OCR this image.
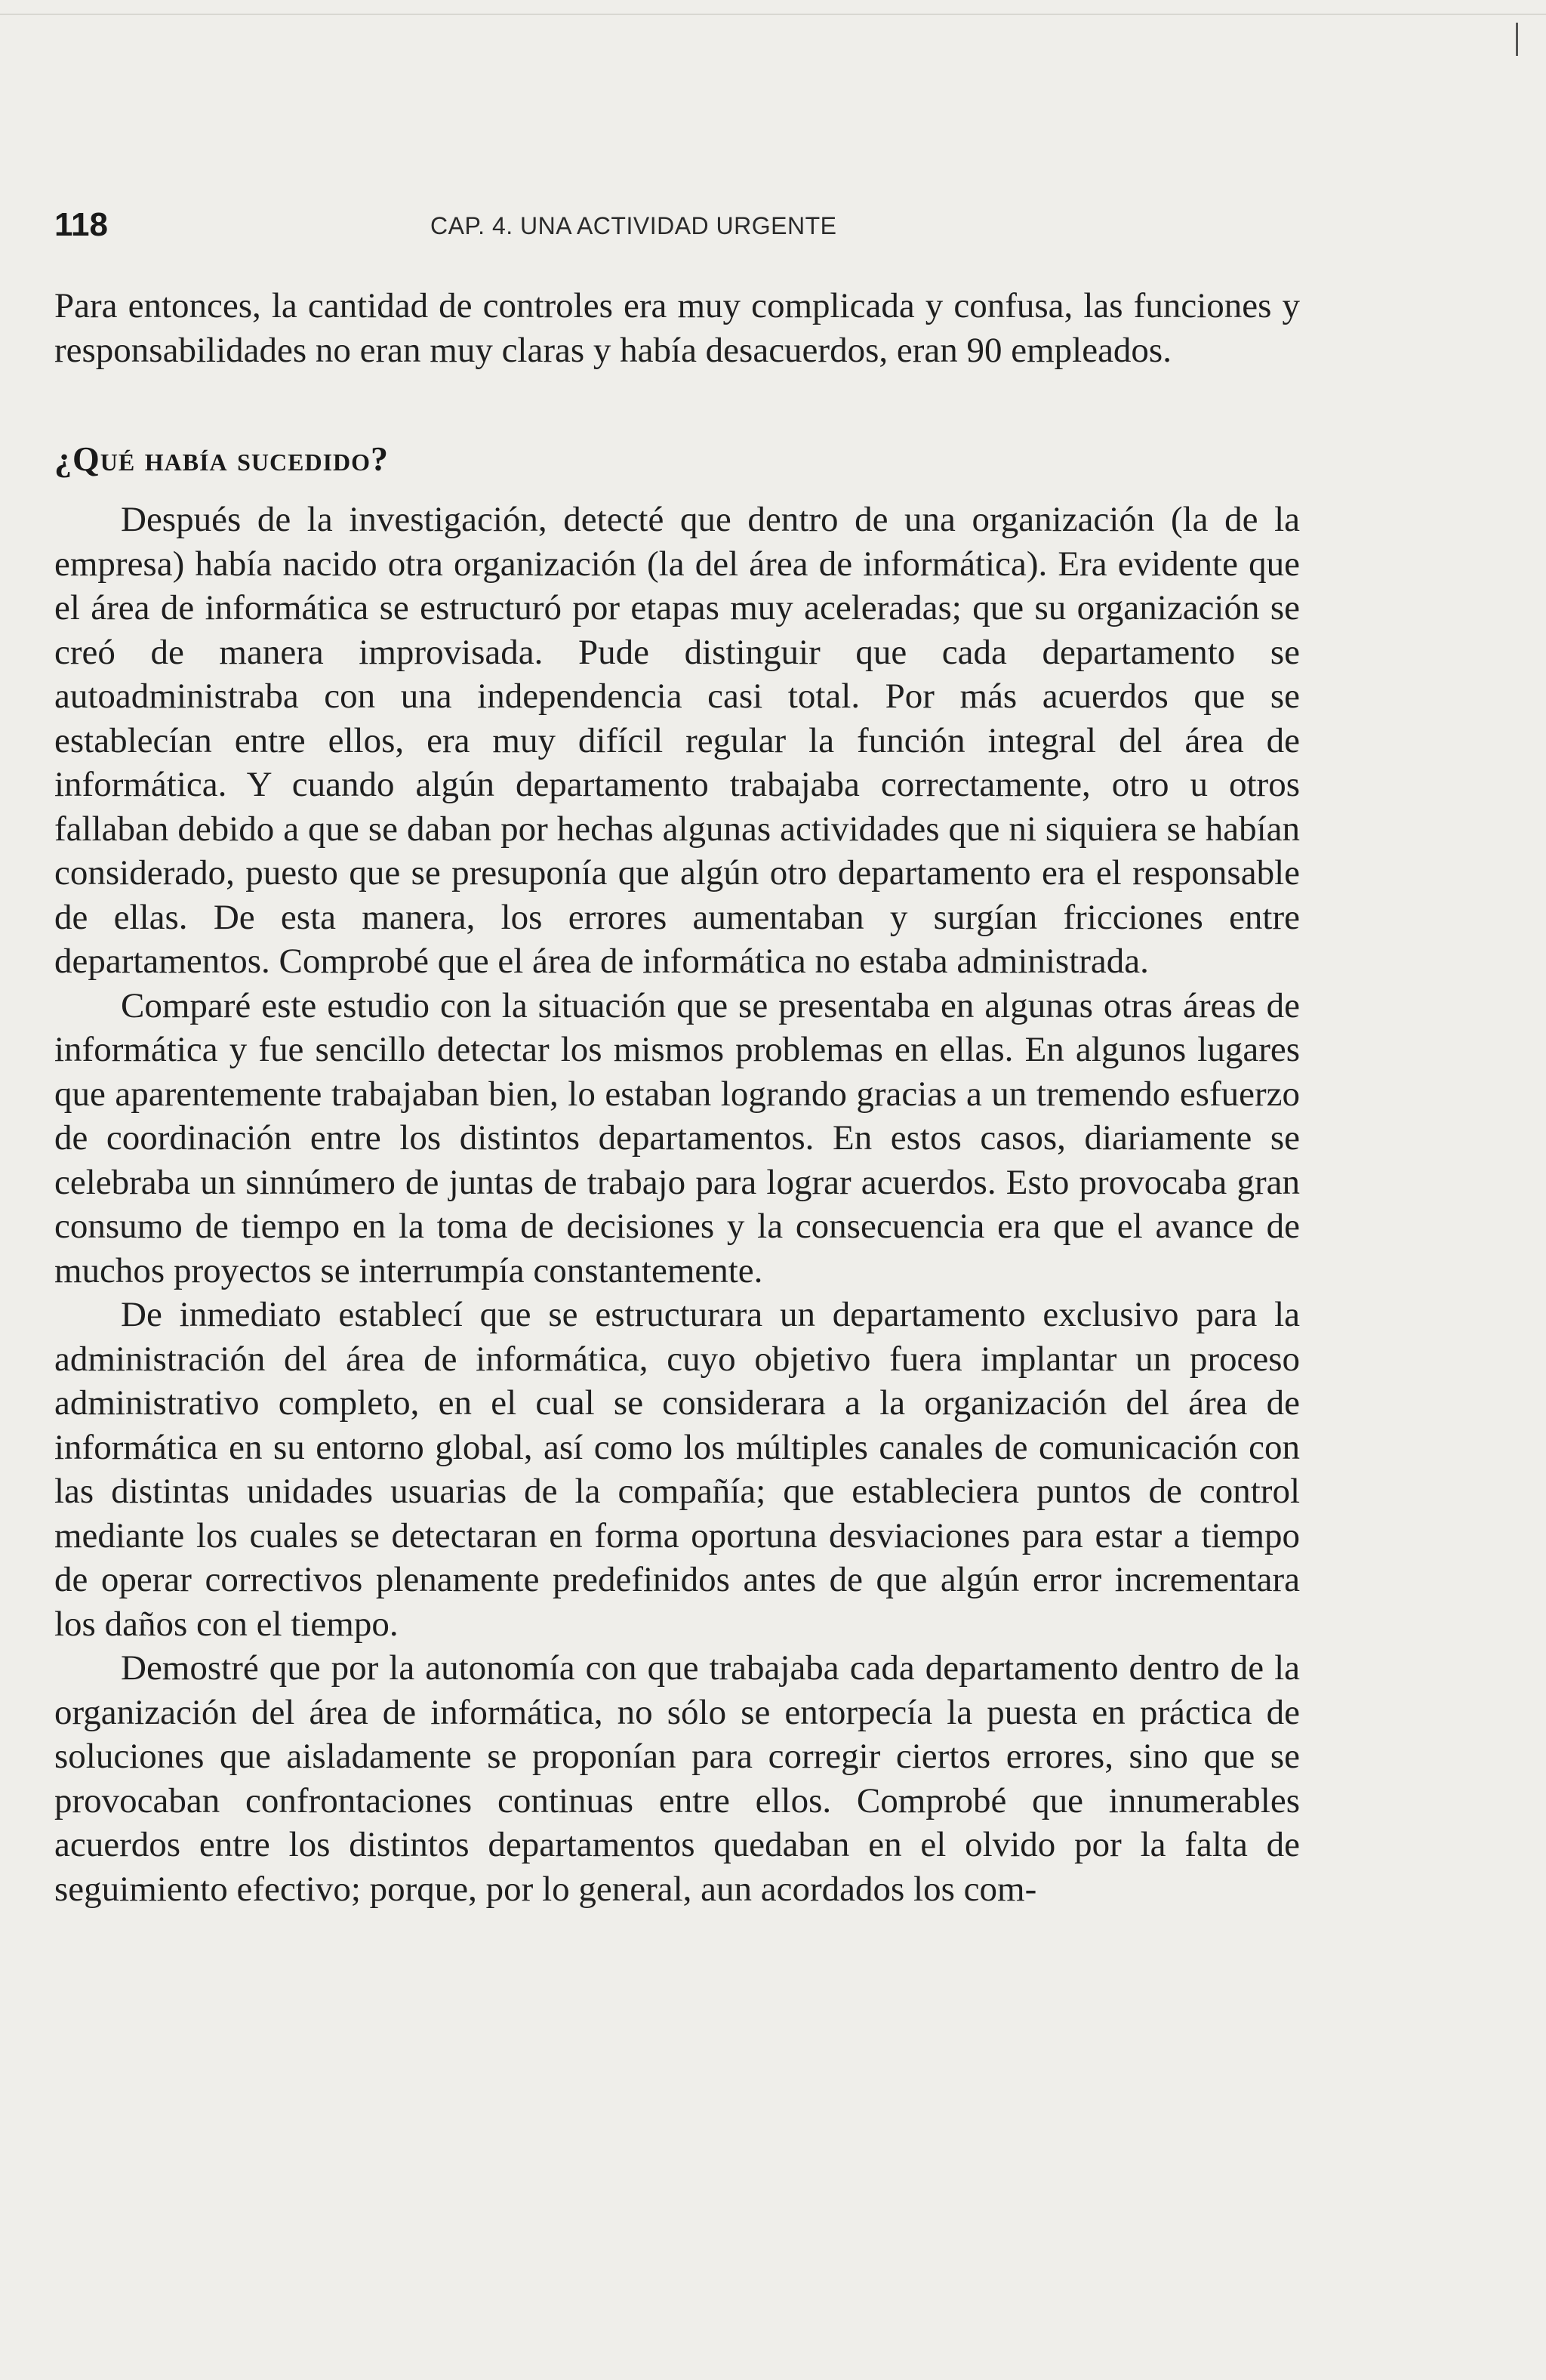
118	CAP. 4. UNA ACTIVIDAD URGENTE

Para entonces, la cantidad de controles era muy complicada y confusa, las funciones y responsabilidades no eran muy claras y había desacuerdos, eran 90 empleados.

¿Qué había sucedido?

Después de la investigación, detecté que dentro de una organización (la de la empresa) había nacido otra organización (la del área de informática). Era evidente que el área de informática se estructuró por etapas muy aceleradas; que su organización se creó de manera improvisada. Pude distinguir que cada departamento se autoadministraba con una independencia casi total. Por más acuerdos que se establecían entre ellos, era muy difícil regular la función integral del área de informática. Y cuando algún departamento trabajaba correctamente, otro u otros fallaban debido a que se daban por hechas algunas actividades que ni siquiera se habían considerado, puesto que se presuponía que algún otro departamento era el responsable de ellas. De esta manera, los errores aumentaban y surgían fricciones entre departamentos. Comprobé que el área de informática no estaba administrada.

Comparé este estudio con la situación que se presentaba en algunas otras áreas de informática y fue sencillo detectar los mismos problemas en ellas. En algunos lugares que aparentemente trabajaban bien, lo estaban logrando gracias a un tremendo esfuerzo de coordinación entre los distintos departamentos. En estos casos, diariamente se celebraba un sinnúmero de juntas de trabajo para lograr acuerdos. Esto provocaba gran consumo de tiempo en la toma de decisiones y la consecuencia era que el avance de muchos proyectos se interrumpía constantemente.

De inmediato establecí que se estructurara un departamento exclusivo para la administración del área de informática, cuyo objetivo fuera implantar un proceso administrativo completo, en el cual se considerara a la organización del área de informática en su entorno global, así como los múltiples canales de comunicación con las distintas unidades usuarias de la compañía; que estableciera puntos de control mediante los cuales se detectaran en forma oportuna desviaciones para estar a tiempo de operar correctivos plenamente predefinidos antes de que algún error incrementara los daños con el tiempo.

Demostré que por la autonomía con que trabajaba cada departamento dentro de la organización del área de informática, no sólo se entorpecía la puesta en práctica de soluciones que aisladamente se proponían para corregir ciertos errores, sino que se provocaban confrontaciones continuas entre ellos. Comprobé que innumerables acuerdos entre los distintos departamentos quedaban en el olvido por la falta de seguimiento efectivo; porque, por lo general, aun acordados los com-
